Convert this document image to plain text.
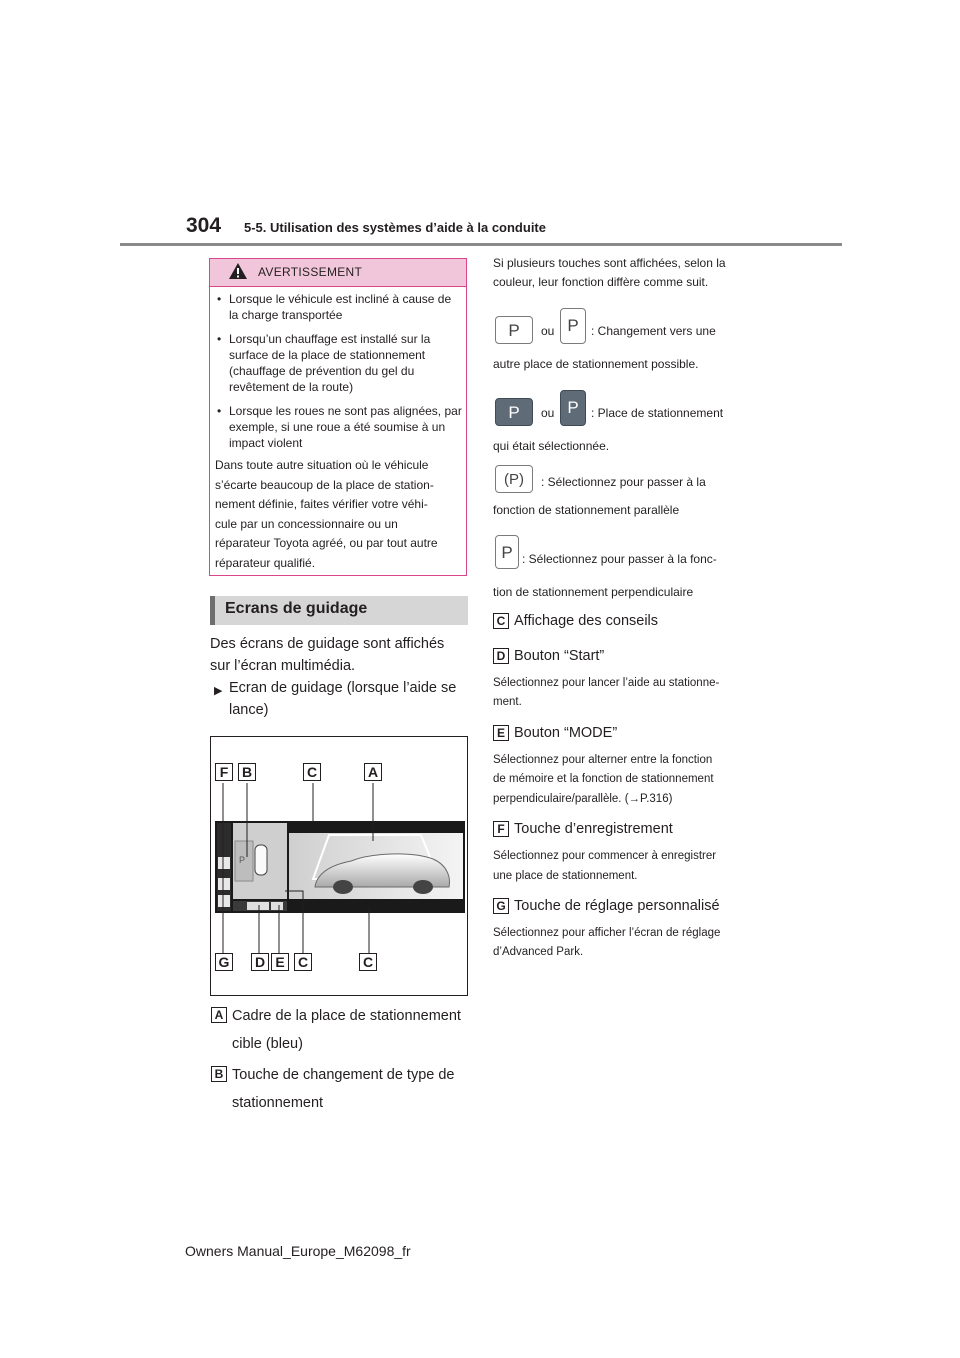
304 5-5. Utilisation des systèmes d’aide à la conduite
AVERTISSEMENT
• Lorsque le véhicule est incliné à cause de la charge transportée
• Lorsqu’un chauffage est installé sur la surface de la place de stationnement (chauffage de prévention du gel du revêtement de la route)
• Lorsque les roues ne sont pas alignées, par exemple, si une roue a été soumise à un impact violent
Dans toute autre situation où le véhicule
s’écarte beaucoup de la place de station-
nement définie, faites vérifier votre véhi-
cule par un concessionnaire ou un
réparateur Toyota agréé, ou par tout autre
réparateur qualifié.
Ecrans de guidage
Des écrans de guidage sont affichés
sur l’écran multimédia.
▶ Ecran de guidage (lorsque l’aide se
lance)
P
F B	C	A
G D E C	C
A Cadre de la place de stationnement
cible (bleu)
B Touche de changement de type de
stationnement
Si plusieurs touches sont affichées, selon la
couleur, leur fonction diffère comme suit.
P	ou P	: Changement vers une
autre place de stationnement possible.
P	ou P	: Place de stationnement
qui était sélectionnée.
(P)	: Sélectionnez pour passer à la
fonction de stationnement parallèle
P : Sélectionnez pour passer à la fonc-
tion de stationnement perpendiculaire
C Affichage des conseils
D Bouton “Start”
Sélectionnez pour lancer l’aide au stationne-
ment.
E Bouton “MODE”
Sélectionnez pour alterner entre la fonction
de mémoire et la fonction de stationnement
perpendiculaire/parallèle. (→P.316)
F Touche d’enregistrement
Sélectionnez pour commencer à enregistrer
une place de stationnement.
G Touche de réglage personnalisé
Sélectionnez pour afficher l’écran de réglage
d’Advanced Park.
Owners Manual_Europe_M62098_fr
